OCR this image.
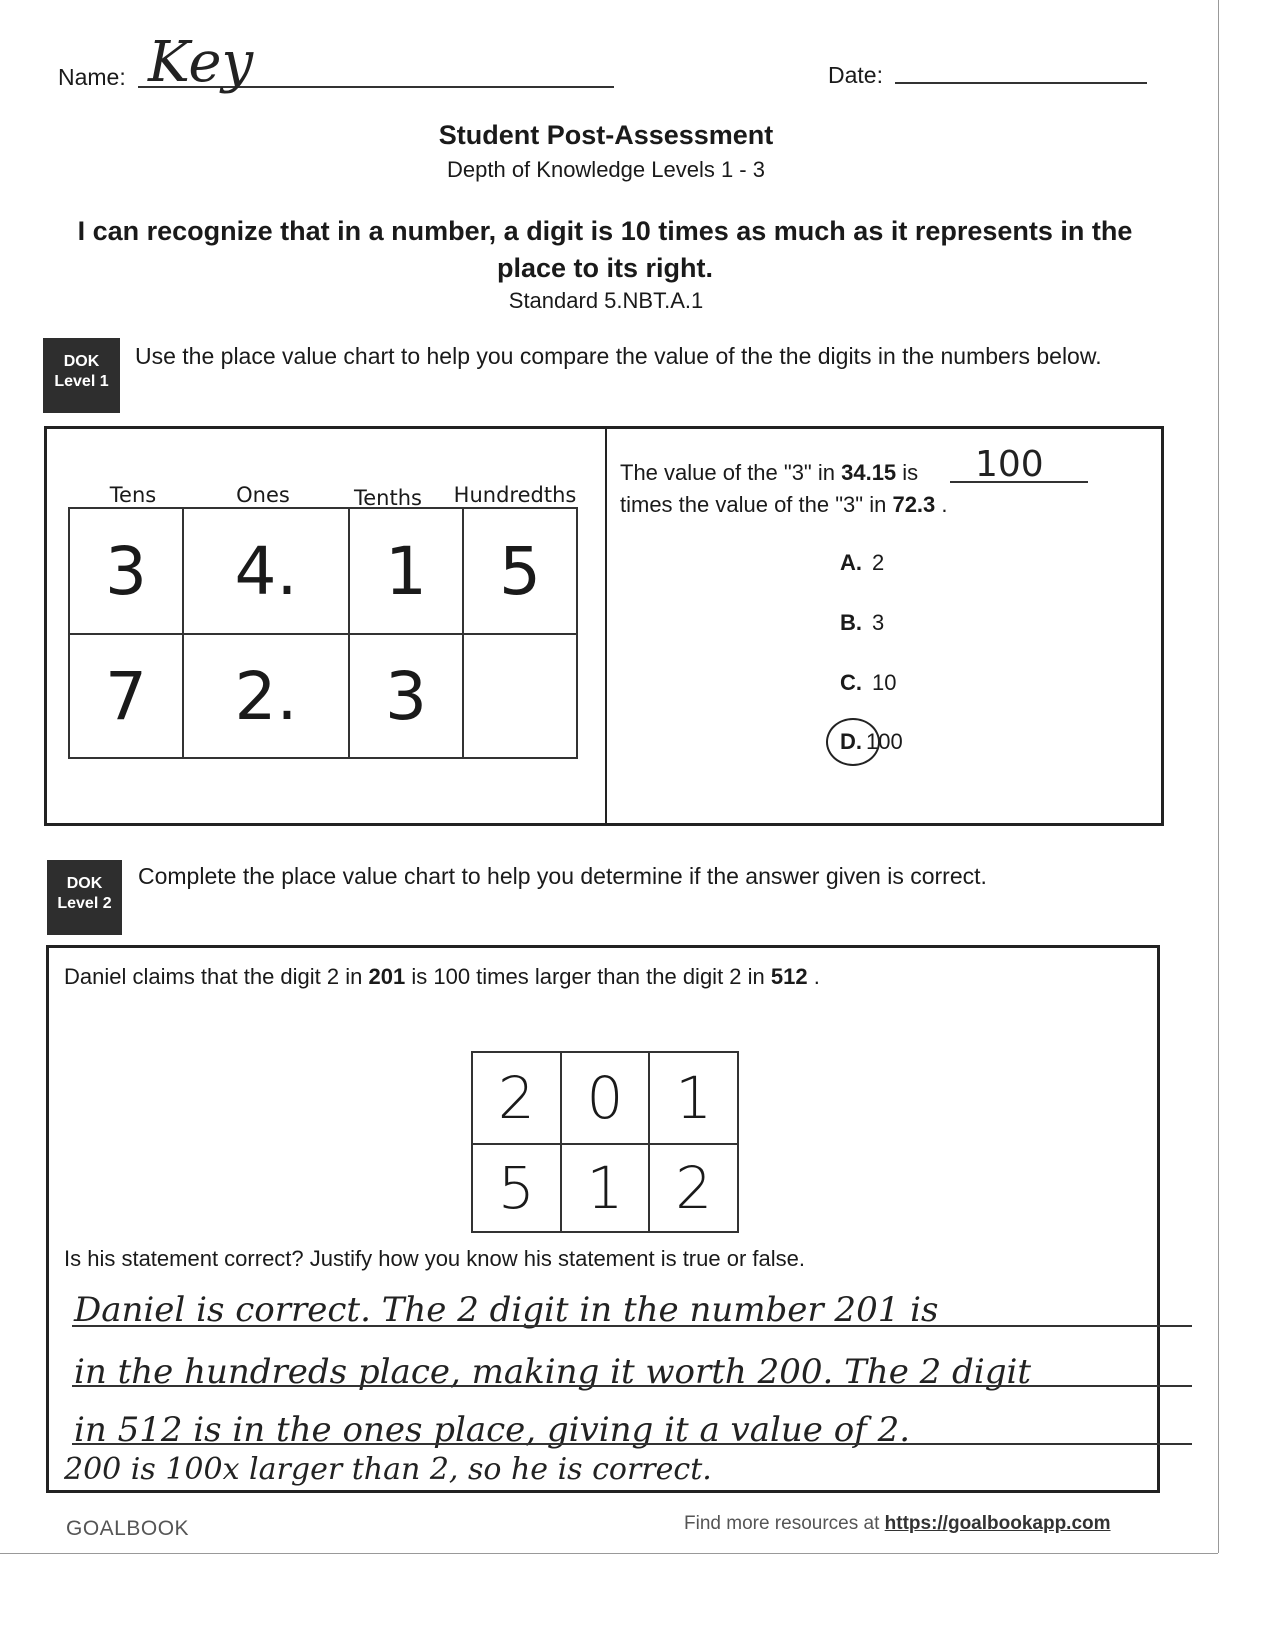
Name: Key	Date:
Student Post-Assessment
Depth of Knowledge Levels 1 - 3
I can recognize that in a number, a digit is 10 times as much as it represents in the place to its right.
Standard 5.NBT.A.1
DOK
Level 1
Use the place value chart to help you compare the value of the the digits in the numbers below.
Tens	Ones	Tenths	Hundredths
3	4.	1	5
7	2.	3	
The value of the "3" in 34.15 is 100
times the value of the "3" in 72.3 .
A. 2
B. 3
C. 10
D. 100
DOK
Level 2
Complete the place value chart to help you determine if the answer given is correct.
Daniel claims that the digit 2 in 201 is 100 times larger than the digit 2 in 512 .
2	0	1
5	1	2
Is his statement correct? Justify how you know his statement is true or false.
Daniel is correct. The 2 digit in the number 201 is
in the hundreds place, making it worth 200. The 2 digit
in 512 is in the ones place, giving it a value of 2.
200 is 100x larger than 2, so he is correct.
GOALBOOK	Find more resources at https://goalbookapp.com
